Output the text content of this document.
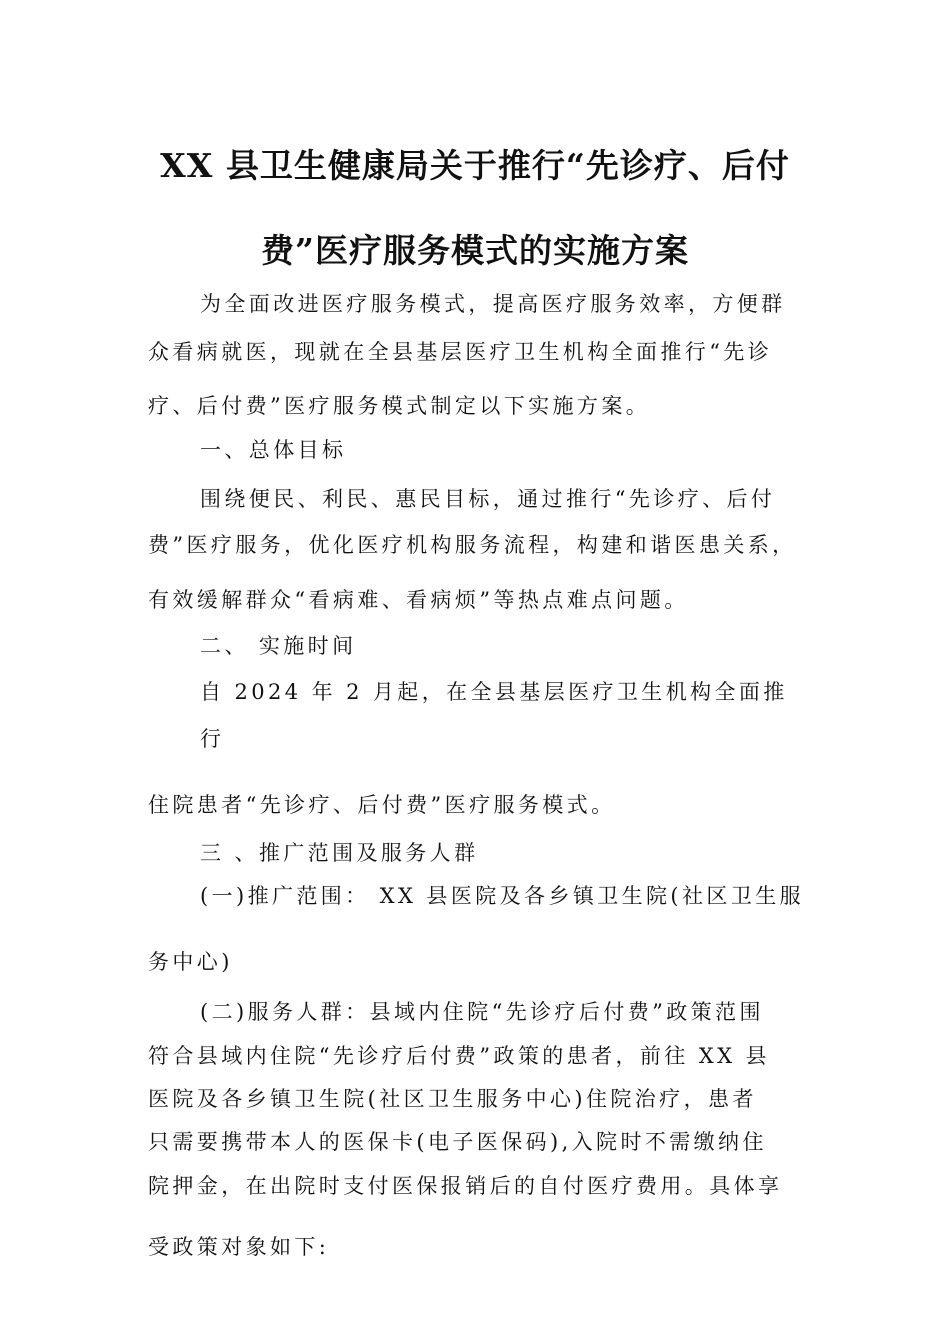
XX 县卫生健康局关于推行“先诊疗、后付
费”医疗服务模式的实施方案

为全面改进医疗服务模式，提高医疗服务效率，方便群

众看病就医，现就在全县基层医疗卫生机构全面推行“先诊

疗、后付费”医疗服务模式制定以下实施方案。

一、总体目标

围绕便民、利民、惠民目标，通过推行“先诊疗、后付

费”医疗服务，优化医疗机构服务流程，构建和谐医患关系，

有效缓解群众“看病难、看病烦”等热点难点问题。

二、 实施时间

自 2024 年 2 月起，在全县基层医疗卫生机构全面推

行

住院患者“先诊疗、后付费”医疗服务模式。

三 、推广范围及服务人群

(一)推广范围： XX 县医院及各乡镇卫生院(社区卫生服

务中心)

(二)服务人群：县域内住院“先诊疗后付费”政策范围

符合县域内住院“先诊疗后付费”政策的患者，前往 XX 县

医院及各乡镇卫生院(社区卫生服务中心)住院治疗，患者

只需要携带本人的医保卡(电子医保码),入院时不需缴纳住

院押金，在出院时支付医保报销后的自付医疗费用。具体享

受政策对象如下:
